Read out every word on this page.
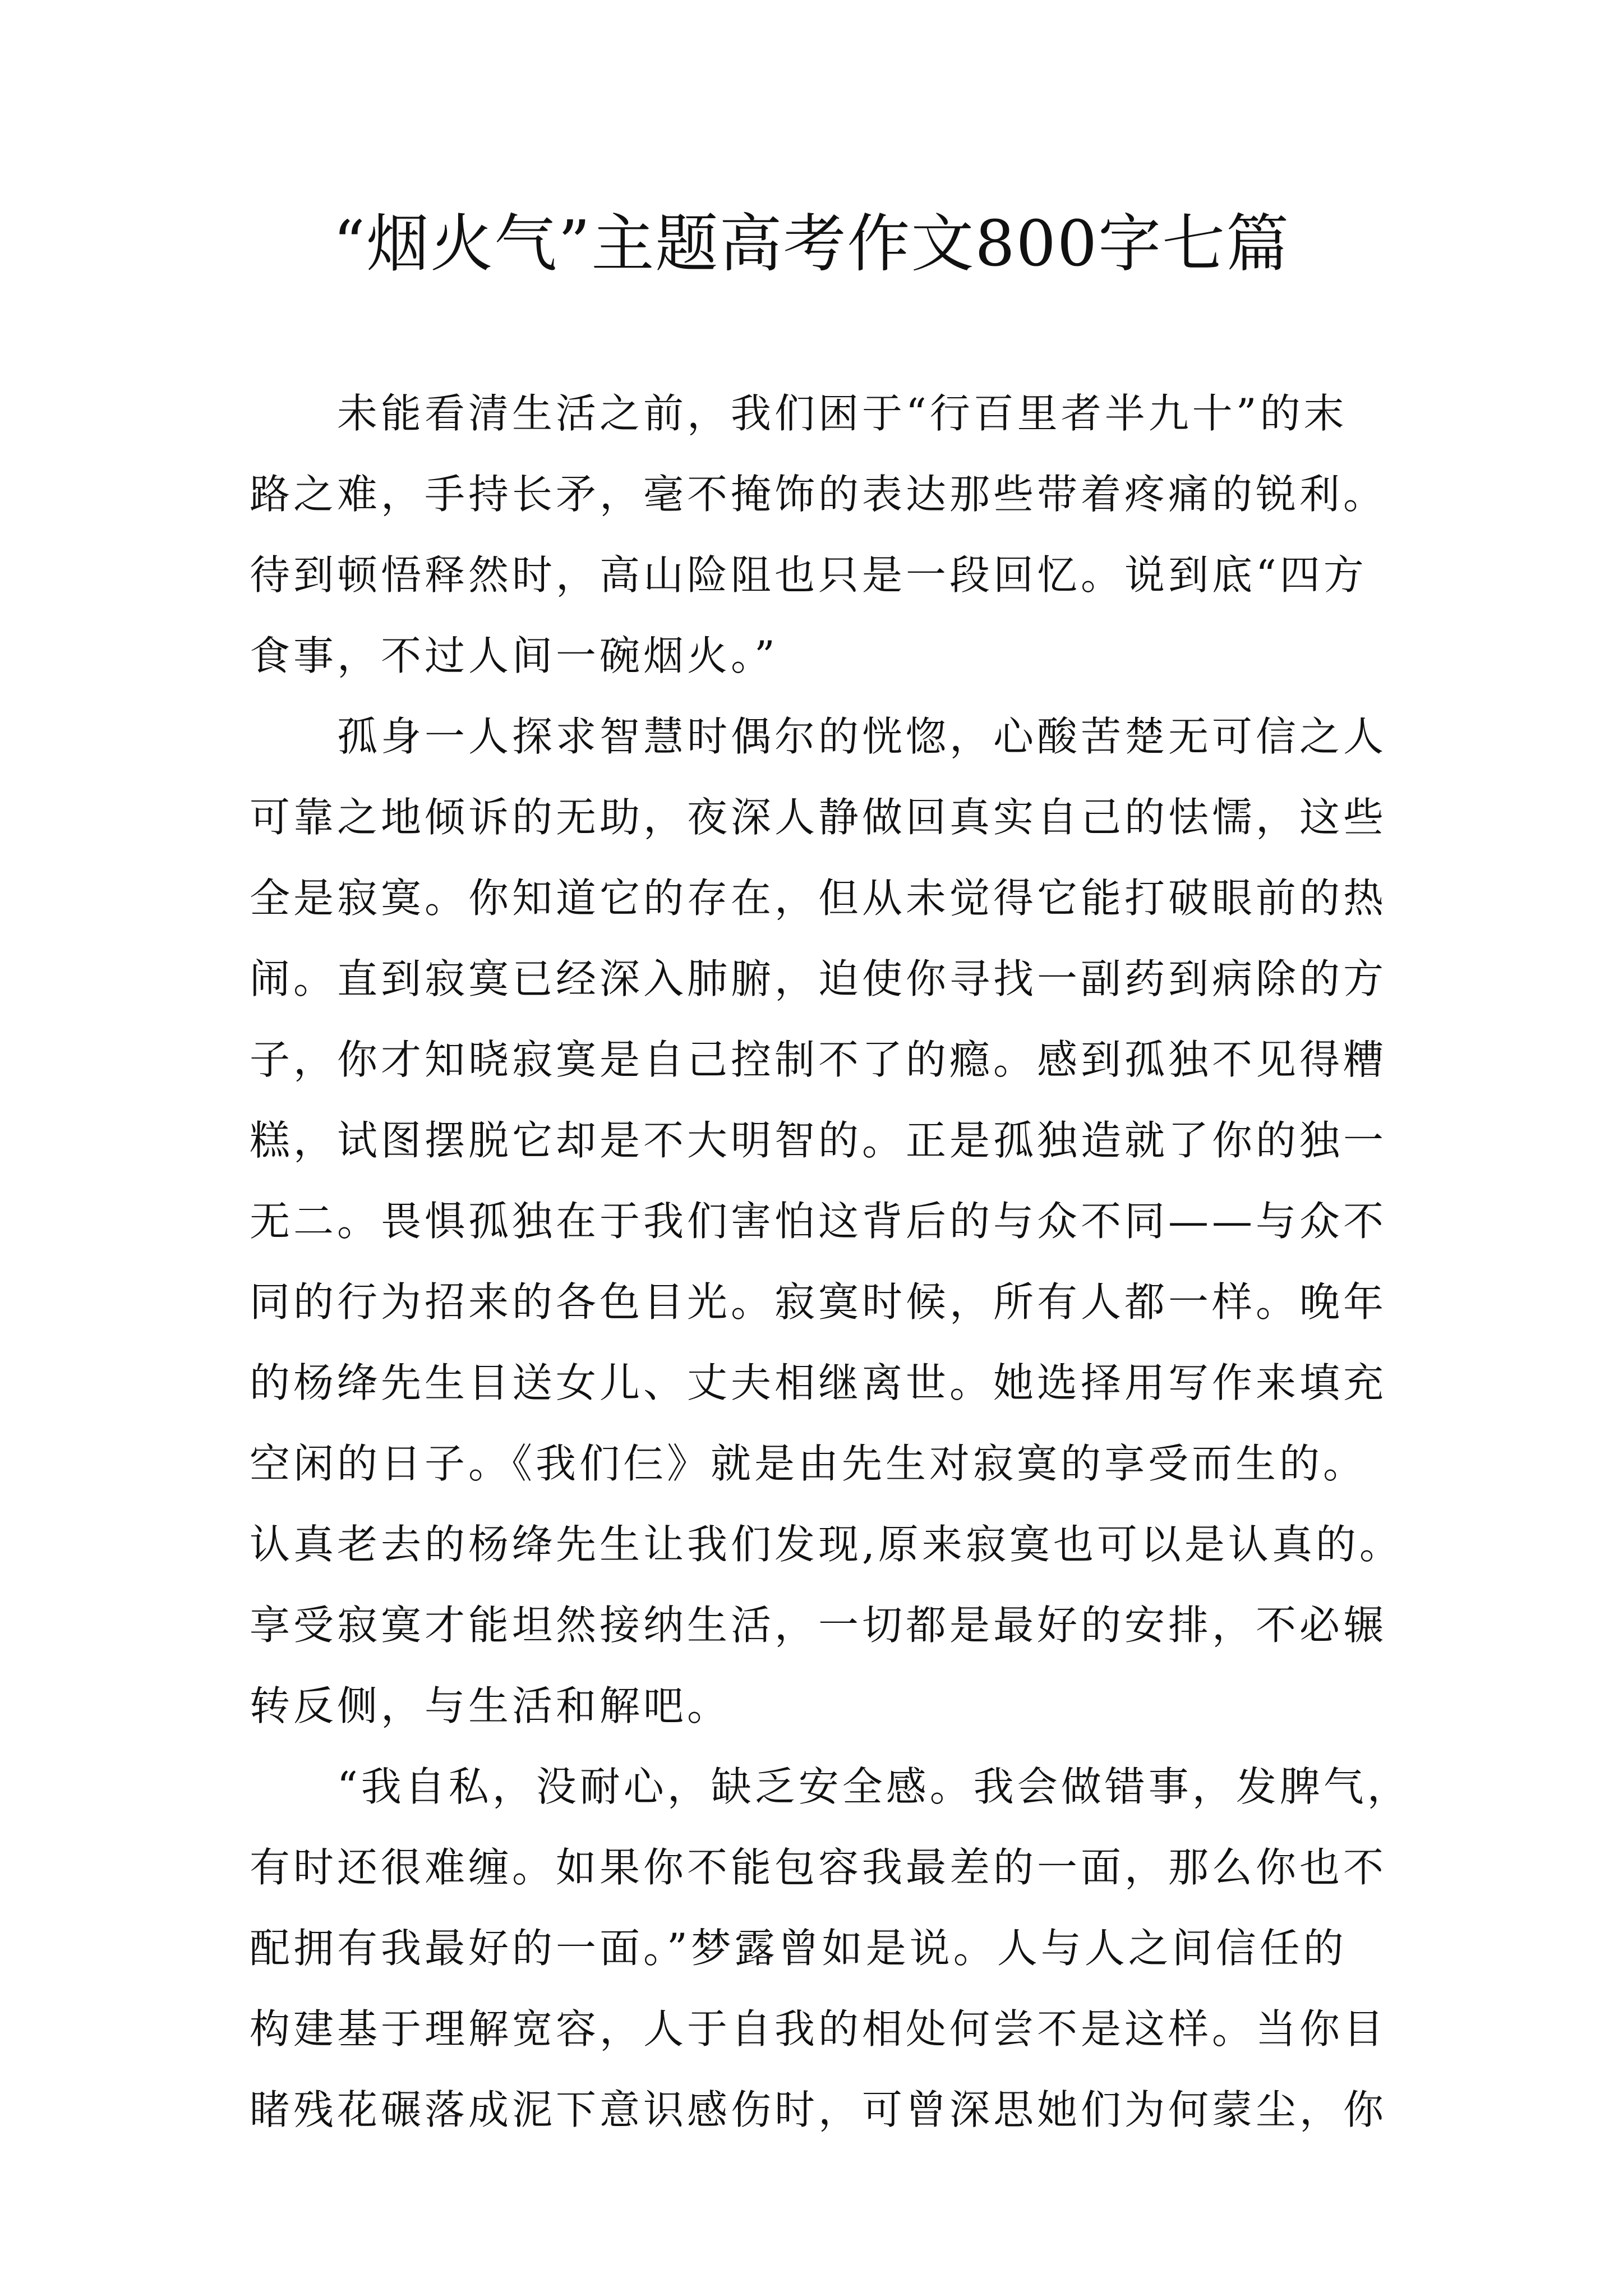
“烟火气”主题高考作文800字七篇
未能看清生活之前，我们困于“行百里者半九十”的末
路之难，手持长矛，毫不掩饰的表达那些带着疼痛的锐利。
待到顿悟释然时，高山险阻也只是一段回忆。说到底“四方
食事，不过人间一碗烟火。”
孤身一人探求智慧时偶尔的恍惚，心酸苦楚无可信之人
可靠之地倾诉的无助，夜深人静做回真实自己的怯懦，这些
全是寂寞。你知道它的存在，但从未觉得它能打破眼前的热
闹。直到寂寞已经深入肺腑，迫使你寻找一副药到病除的方
子，你才知晓寂寞是自己控制不了的瘾。感到孤独不见得糟
糕，试图摆脱它却是不大明智的。正是孤独造就了你的独一
无二。畏惧孤独在于我们害怕这背后的与众不同——与众不
同的行为招来的各色目光。寂寞时候，所有人都一样。晚年
的杨绛先生目送女儿、丈夫相继离世。她选择用写作来填充
空闲的日子。《我们仨》就是由先生对寂寞的享受而生的。
认真老去的杨绛先生让我们发现,原来寂寞也可以是认真的。
享受寂寞才能坦然接纳生活，一切都是最好的安排，不必辗
转反侧，与生活和解吧。
“我自私，没耐心，缺乏安全感。我会做错事，发脾气，
有时还很难缠。如果你不能包容我最差的一面，那么你也不
配拥有我最好的一面。”梦露曾如是说。人与人之间信任的
构建基于理解宽容，人于自我的相处何尝不是这样。当你目
睹残花碾落成泥下意识感伤时，可曾深思她们为何蒙尘，你
